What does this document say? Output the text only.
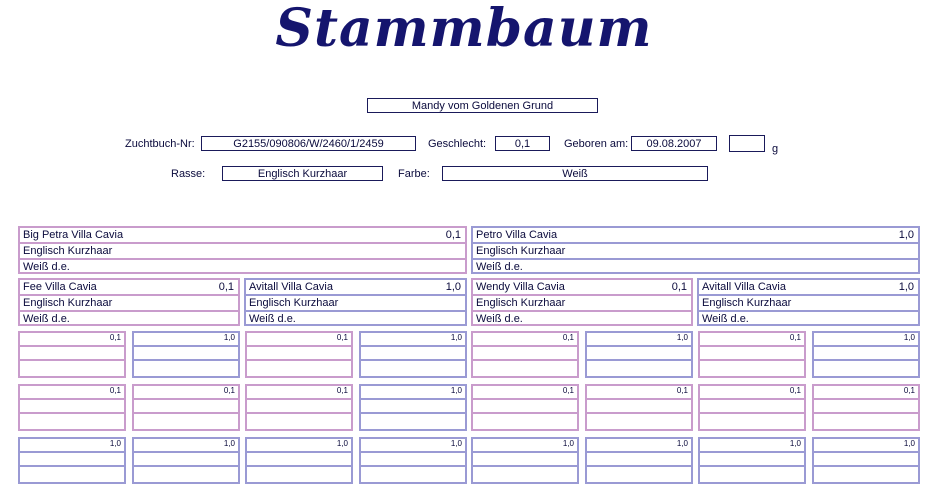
Stammbaum
Mandy vom Goldenen Grund
Zuchtbuch-Nr:	G2155/090806/W/2460/1/2459	Geschlecht:	0,1	Geboren am:	09.08.2007	g
Rasse:	Englisch Kurzhaar	Farbe:	Weiß
Big Petra Villa Cavia	0,1
Englisch Kurzhaar
Weiß d.e.
Petro Villa Cavia	1,0
Englisch Kurzhaar
Weiß d.e.
Fee Villa Cavia	0,1
Englisch Kurzhaar
Weiß d.e.
Avitall Villa Cavia	1,0
Englisch Kurzhaar
Weiß d.e.
Wendy Villa Cavia	0,1
Englisch Kurzhaar
Weiß d.e.
Avitall Villa Cavia	1,0
Englisch Kurzhaar
Weiß d.e.
0,1	1,0	0,1	1,0	0,1	1,0	0,1	1,0
0,1	0,1	0,1	1,0	0,1	0,1	0,1	0,1
1,0	1,0	1,0	1,0	1,0	1,0	1,0	1,0
